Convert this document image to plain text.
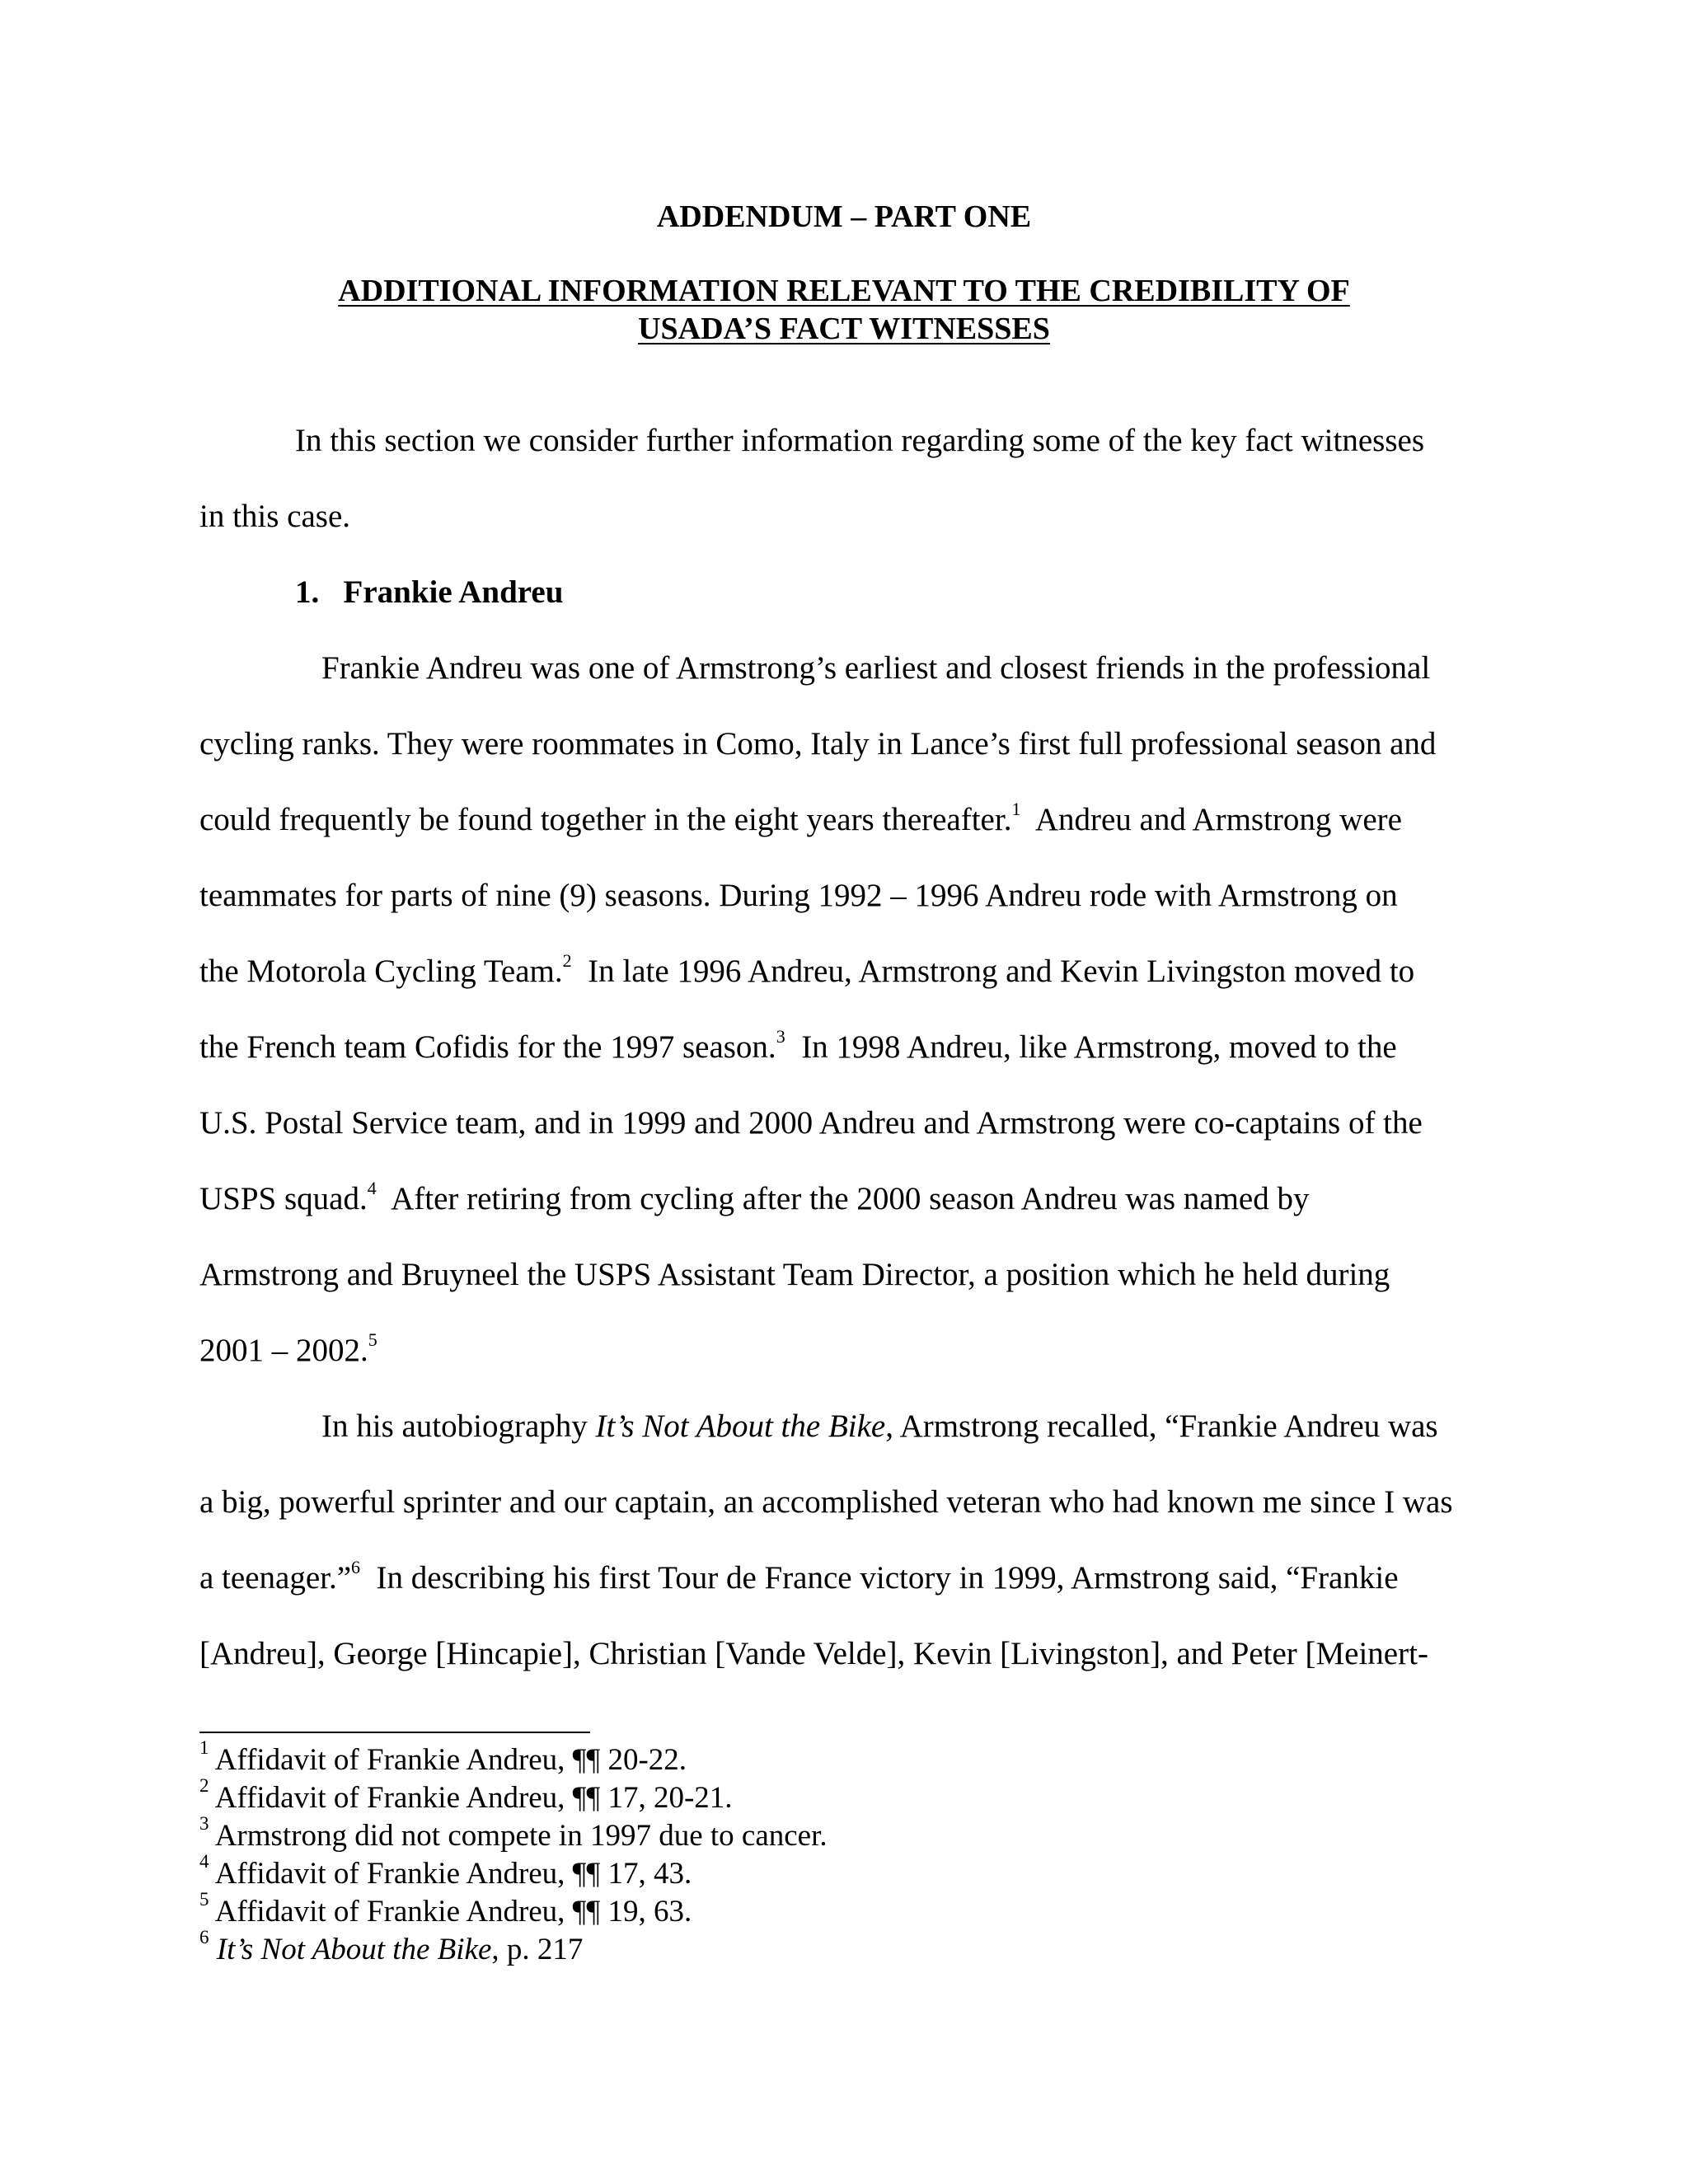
ADDENDUM – PART ONE
ADDITIONAL INFORMATION RELEVANT TO THE CREDIBILITY OF
USADA’S FACT WITNESSES
In this section we consider further information regarding some of the key fact witnesses
in this case.
1. Frankie Andreu
Frankie Andreu was one of Armstrong’s earliest and closest friends in the professional
cycling ranks. They were roommates in Como, Italy in Lance’s first full professional season and
could frequently be found together in the eight years thereafter.$^1$  Andreu and Armstrong were
teammates for parts of nine (9) seasons. During 1992 – 1996 Andreu rode with Armstrong on
the Motorola Cycling Team.$^2$  In late 1996 Andreu, Armstrong and Kevin Livingston moved to
the French team Cofidis for the 1997 season.$^3$  In 1998 Andreu, like Armstrong, moved to the
U.S. Postal Service team, and in 1999 and 2000 Andreu and Armstrong were co-captains of the
USPS squad.$^4$  After retiring from cycling after the 2000 season Andreu was named by
Armstrong and Bruyneel the USPS Assistant Team Director, a position which he held during
2001 – 2002.$^5$
In his autobiography It’s Not About the Bike, Armstrong recalled, “Frankie Andreu was
a big, powerful sprinter and our captain, an accomplished veteran who had known me since I was
a teenager.”$^6$  In describing his first Tour de France victory in 1999, Armstrong said, “Frankie
[Andreu], George [Hincapie], Christian [Vande Velde], Kevin [Livingston], and Peter [Meinert-
$^1$ Affidavit of Frankie Andreu, ¶¶ 20-22.
$^2$ Affidavit of Frankie Andreu, ¶¶ 17, 20-21.
$^3$ Armstrong did not compete in 1997 due to cancer.
$^4$ Affidavit of Frankie Andreu, ¶¶ 17, 43.
$^5$ Affidavit of Frankie Andreu, ¶¶ 19, 63.
$^6$ It’s Not About the Bike, p. 217
